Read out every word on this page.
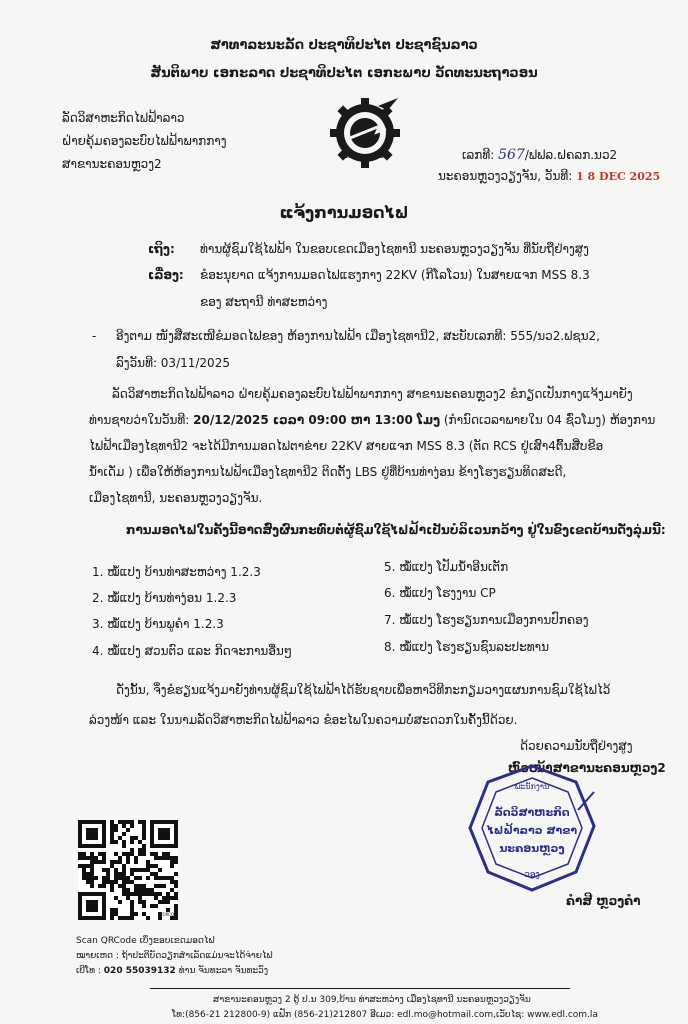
ສາທາລະນະລັດ ປະຊາທິປະໄຕ ປະຊາຊົນລາວ
ສັນຕິພາບ ເອກະລາດ ປະຊາທິປະໄຕ ເອກະພາບ ວັດທະນະຖາວອນ
ລັດວິສາຫະກິດໄຟຟ້າລາວ
ຝ່າຍຄຸ້ມຄອງລະບົບໄຟຟ້າພາກກາງ
ສາຂານະຄອນຫຼວງ2
ELECTRICITE DU LAOS	ເລກທີ: 567/ຟຟລ.ຝຄລກ.ນວ2
ນະຄອນຫຼວງວຽງຈັນ, ວັນທີ: 1 8 DEC 2025
ແຈ້ງການມອດໄຟ
ເຖິງ: ທ່ານຜູ້ຊົມໃຊ້ໄຟຟ້າ ໃນຂອບເຂດເມືອງໄຊທານີ ນະຄອນຫຼວງວຽງຈັນ ທີ່ນັບຖືຢ່າງສູງ
ເລື່ອງ: ຂໍອະນຸຍາດ ແຈ້ງການມອດໄຟແຮງກາງ 22KV (ກີໂລໂວນ) ໃນສາຍແຈກ MSS 8.3
ຂອງ ສະຖານີ ທ່າສະຫວ່າງ
- ອີງຕາມ ໜັງສືສະເໜີຂໍມອດໄຟຂອງ ຫ້ອງການໄຟຟ້າ ເມືອງໄຊທານີ2, ສະບັບເລກທີ: 555/ນວ2.ຟຊນ2,
ລົງວັນທີ: 03/11/2025
ລັດວິສາຫະກິດໄຟຟ້າລາວ ຝ່າຍຄຸ້ມຄອງລະບົບໄຟຟ້າພາກກາງ ສາຂານະຄອນຫຼວງ2 ຂໍກຽດເປັນກາງແຈ້ງມາຍັງ
ທ່ານຊາບວ່າໃນວັນທີ: 20/12/2025 ເວລາ 09:00 ຫາ 13:00 ໂມງ (ກຳນົດເວລາພາຍໃນ 04 ຊົ່ວໂມງ) ຫ້ອງການ
ໄຟຟ້າເມືອງໄຊທານີ2 ຈະໄດ້ມີການມອດໄຟຕາຂ່າຍ 22KV ສາຍແຈກ MSS 8.3 (ຕັດ RCS ຢູ່ເສົາ4ຕົ້ນສີ່ບຂີອ
ນ້ຳເດັ່ມ ) ເພື່ອໃຫ້ຫ້ອງການໄຟຟ້າເມືອງໄຊທານີ2 ຕິດຕັ້ງ LBS ຢູ່ທີ່ບ້ານທ່າງ່ອນ ຂ້າງໂຮງຮຽນທິດສະດີ,
ເມືອງໄຊທານີ, ນະຄອນຫຼວງວຽງຈັນ.
ການມອດໄຟໃນຄັ້ງນີ້ອາດສົ່ງຜົນກະທົບຕໍ່ຜູ້ຊົມໃຊ້ໄຟຟ້າເປັນບໍລິເວນກວ້າງ ຢູ່ໃນຂົງເຂດບ້ານດັ່ງລຸ່ມນີ້:
1. ໝໍ້ແປງ ບ້ານທ່າສະຫວ່າງ 1.2.3
2. ໝໍ້ແປງ ບ້ານທ່າງ່ອນ 1.2.3
3. ໝໍ້ແປງ ບ້ານພູຄຳ 1.2.3
4. ໝໍ້ແປງ ສວນຕົວ ແລະ ກິດຈະການອື່ນໆ
5. ໝໍ້ແປງ ໂປັມນ້ຳອີນເຕັກ
6. ໝໍ້ແປງ ໂຮງງານ CP
7. ໝໍ້ແປງ ໂຮງຮຽນການເມືອງການປົກຄອງ
8. ໝໍ້ແປງ ໂຮງຮຽນຊົນລະປະທານ
ດັ່ງນັ້ນ, ຈຶ່ງຂໍຮຽນແຈ້ງມາຍັງທ່ານຜູ້ຊົມໃຊ້ໄຟຟ້າໄດ້ຮັບຊາບເພື່ອຫາວິທີກະກຽມວາງແຜນການຊົມໃຊ້ໄຟໄວ້
ລ່ວງໜ້າ ແລະ ໃນນາມລັດວິສາຫະກິດໄຟຟ້າລາວ ຂໍອະໄພໃນຄວາມບໍ່ສະດວກໃນຄັ້ງນີ້ດ້ວຍ.
ດ້ວຍຄວາມນັບຖືຢ່າງສູງ
ຫົວໜ້າສາຂານະຄອນຫຼວງ2
ພະນັກງານ
ລັດວິສາຫະກິດ
ໄຟຟ້າລາວ ສາຂາ
ນະຄອນຫຼວງ
ວອງ
ຄຳສີ ຫຼວງຄຳ
TORCO
Scan QRCode ເບິ່ງຂອບເຂດມອດໄຟ
ໝາຍເຫດ : ຖ້າປະຕິບັດວຽກສຳເລັດແມ່ນຈະໄດ້ຈ່າຍໄຟ
ເບີໂທ : 020 55039132 ທ່ານ ຈັນທະລາ ຈັນທະວົງ
ສາຂານະຄອນຫຼວງ 2 ຕູ້ ປ.ນ 309,ບ້ານ ທ່າສະຫວ່າງ ເມືອງໄຊທານີ ນະຄອນຫຼວງວຽງຈັນ
ໂທ:(856-21 212800-9) ແຟັກ (856-21)212807 ອີເມວ: edl.mo@hotmail.com,ເວັບໄຊ: www.edl.com.la
